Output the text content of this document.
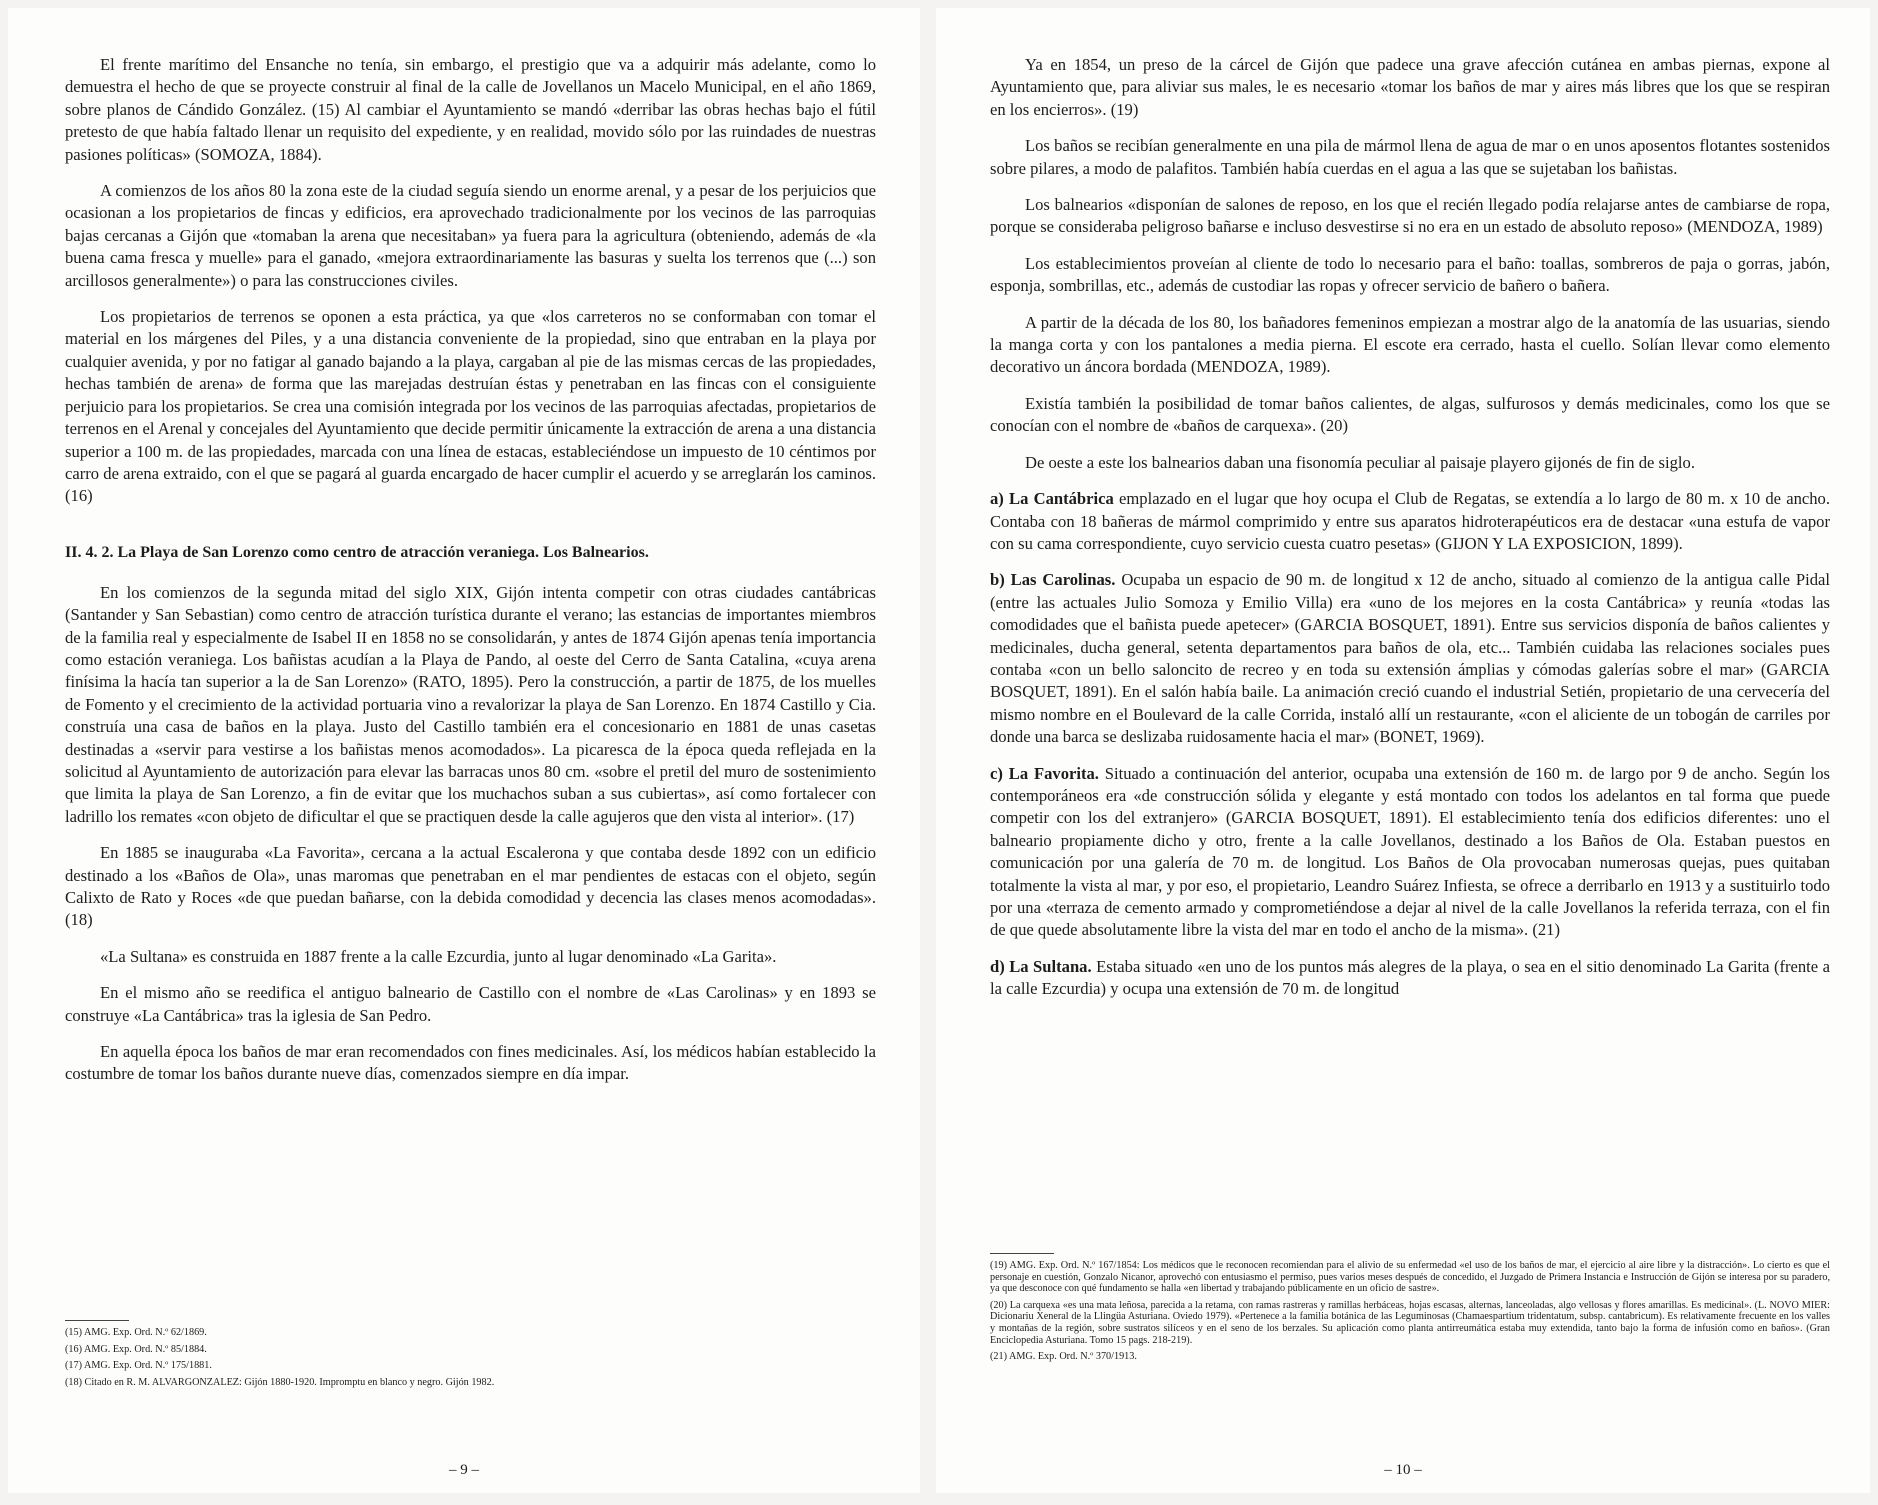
El frente marítimo del Ensanche no tenía, sin embargo, el prestigio que va a adquirir más adelante, como lo demuestra el hecho de que se proyecte construir al final de la calle de Jovellanos un Macelo Municipal, en el año 1869, sobre planos de Cándido González. (15) Al cambiar el Ayuntamiento se mandó «derribar las obras hechas bajo el fútil pretesto de que había faltado llenar un requisito del expediente, y en realidad, movido sólo por las ruindades de nuestras pasiones políticas» (SOMOZA, 1884).

A comienzos de los años 80 la zona este de la ciudad seguía siendo un enorme arenal, y a pesar de los perjuicios que ocasionan a los propietarios de fincas y edificios, era aprovechado tradicionalmente por los vecinos de las parroquias bajas cercanas a Gijón que «tomaban la arena que necesitaban» ya fuera para la agricultura (obteniendo, además de «la buena cama fresca y muelle» para el ganado, «mejora extraordinariamente las basuras y suelta los terrenos que (...) son arcillosos generalmente») o para las construcciones civiles.

Los propietarios de terrenos se oponen a esta práctica, ya que «los carreteros no se conformaban con tomar el material en los márgenes del Piles, y a una distancia conveniente de la propiedad, sino que entraban en la playa por cualquier avenida, y por no fatigar al ganado bajando a la playa, cargaban al pie de las mismas cercas de las propiedades, hechas también de arena» de forma que las marejadas destruían éstas y penetraban en las fincas con el consiguiente perjuicio para los propietarios. Se crea una comisión integrada por los vecinos de las parroquias afectadas, propietarios de terrenos en el Arenal y concejales del Ayuntamiento que decide permitir únicamente la extracción de arena a una distancia superior a 100 m. de las propiedades, marcada con una línea de estacas, estableciéndose un impuesto de 10 céntimos por carro de arena extraido, con el que se pagará al guarda encargado de hacer cumplir el acuerdo y se arreglarán los caminos. (16)

II. 4. 2. La Playa de San Lorenzo como centro de atracción veraniega. Los Balnearios.

En los comienzos de la segunda mitad del siglo XIX, Gijón intenta competir con otras ciudades cantábricas (Santander y San Sebastian) como centro de atracción turística durante el verano; las estancias de importantes miembros de la familia real y especialmente de Isabel II en 1858 no se consolidarán, y antes de 1874 Gijón apenas tenía importancia como estación veraniega. Los bañistas acudían a la Playa de Pando, al oeste del Cerro de Santa Catalina, «cuya arena finísima la hacía tan superior a la de San Lorenzo» (RATO, 1895). Pero la construcción, a partir de 1875, de los muelles de Fomento y el crecimiento de la actividad portuaria vino a revalorizar la playa de San Lorenzo. En 1874 Castillo y Cia. construía una casa de baños en la playa. Justo del Castillo también era el concesionario en 1881 de unas casetas destinadas a «servir para vestirse a los bañistas menos acomodados». La picaresca de la época queda reflejada en la solicitud al Ayuntamiento de autorización para elevar las barracas unos 80 cm. «sobre el pretil del muro de sostenimiento que limita la playa de San Lorenzo, a fin de evitar que los muchachos suban a sus cubiertas», así como fortalecer con ladrillo los remates «con objeto de dificultar el que se practiquen desde la calle agujeros que den vista al interior». (17)

En 1885 se inauguraba «La Favorita», cercana a la actual Escalerona y que contaba desde 1892 con un edificio destinado a los «Baños de Ola», unas maromas que penetraban en el mar pendientes de estacas con el objeto, según Calixto de Rato y Roces «de que puedan bañarse, con la debida comodidad y decencia las clases menos acomodadas». (18)

«La Sultana» es construida en 1887 frente a la calle Ezcurdia, junto al lugar denominado «La Garita».

En el mismo año se reedifica el antiguo balneario de Castillo con el nombre de «Las Carolinas» y en 1893 se construye «La Cantábrica» tras la iglesia de San Pedro.

En aquella época los baños de mar eran recomendados con fines medicinales. Así, los médicos habían establecido la costumbre de tomar los baños durante nueve días, comenzados siempre en día impar.

(15) AMG. Exp. Ord. N.º 62/1869.

(16) AMG. Exp. Ord. N.º 85/1884.

(17) AMG. Exp. Ord. N.º 175/1881.

(18) Citado en R. M. ALVARGONZALEZ: Gijón 1880-1920. Impromptu en blanco y negro. Gijón 1982.

– 9 –

Ya en 1854, un preso de la cárcel de Gijón que padece una grave afección cutánea en ambas piernas, expone al Ayuntamiento que, para aliviar sus males, le es necesario «tomar los baños de mar y aires más libres que los que se respiran en los encierros». (19)

Los baños se recibían generalmente en una pila de mármol llena de agua de mar o en unos aposentos flotantes sostenidos sobre pilares, a modo de palafitos. También había cuerdas en el agua a las que se sujetaban los bañistas.

Los balnearios «disponían de salones de reposo, en los que el recién llegado podía relajarse antes de cambiarse de ropa, porque se consideraba peligroso bañarse e incluso desvestirse si no era en un estado de absoluto reposo» (MENDOZA, 1989)

Los establecimientos proveían al cliente de todo lo necesario para el baño: toallas, sombreros de paja o gorras, jabón, esponja, sombrillas, etc., además de custodiar las ropas y ofrecer servicio de bañero o bañera.

A partir de la década de los 80, los bañadores femeninos empiezan a mostrar algo de la anatomía de las usuarias, siendo la manga corta y con los pantalones a media pierna. El escote era cerrado, hasta el cuello. Solían llevar como elemento decorativo un áncora bordada (MENDOZA, 1989).

Existía también la posibilidad de tomar baños calientes, de algas, sulfurosos y demás medicinales, como los que se conocían con el nombre de «baños de carquexa». (20)

De oeste a este los balnearios daban una fisonomía peculiar al paisaje playero gijonés de fin de siglo.

a) La Cantábrica emplazado en el lugar que hoy ocupa el Club de Regatas, se extendía a lo largo de 80 m. x 10 de ancho. Contaba con 18 bañeras de mármol comprimido y entre sus aparatos hidroterapéuticos era de destacar «una estufa de vapor con su cama correspondiente, cuyo servicio cuesta cuatro pesetas» (GIJON Y LA EXPOSICION, 1899).

b) Las Carolinas. Ocupaba un espacio de 90 m. de longitud x 12 de ancho, situado al comienzo de la antigua calle Pidal (entre las actuales Julio Somoza y Emilio Villa) era «uno de los mejores en la costa Cantábrica» y reunía «todas las comodidades que el bañista puede apetecer» (GARCIA BOSQUET, 1891). Entre sus servicios disponía de baños calientes y medicinales, ducha general, setenta departamentos para baños de ola, etc... También cuidaba las relaciones sociales pues contaba «con un bello saloncito de recreo y en toda su extensión ámplias y cómodas galerías sobre el mar» (GARCIA BOSQUET, 1891). En el salón había baile. La animación creció cuando el industrial Setién, propietario de una cervecería del mismo nombre en el Boulevard de la calle Corrida, instaló allí un restaurante, «con el aliciente de un tobogán de carriles por donde una barca se deslizaba ruidosamente hacia el mar» (BONET, 1969).

c) La Favorita. Situado a continuación del anterior, ocupaba una extensión de 160 m. de largo por 9 de ancho. Según los contemporáneos era «de construcción sólida y elegante y está montado con todos los adelantos en tal forma que puede competir con los del extranjero» (GARCIA BOSQUET, 1891). El establecimiento tenía dos edificios diferentes: uno el balneario propiamente dicho y otro, frente a la calle Jovellanos, destinado a los Baños de Ola. Estaban puestos en comunicación por una galería de 70 m. de longitud. Los Baños de Ola provocaban numerosas quejas, pues quitaban totalmente la vista al mar, y por eso, el propietario, Leandro Suárez Infiesta, se ofrece a derribarlo en 1913 y a sustituirlo todo por una «terraza de cemento armado y comprometiéndose a dejar al nivel de la calle Jovellanos la referida terraza, con el fin de que quede absolutamente libre la vista del mar en todo el ancho de la misma». (21)

d) La Sultana. Estaba situado «en uno de los puntos más alegres de la playa, o sea en el sitio denominado La Garita (frente a la calle Ezcurdia) y ocupa una extensión de 70 m. de longitud

(19) AMG. Exp. Ord. N.º 167/1854: Los médicos que le reconocen recomiendan para el alivio de su enfermedad «el uso de los baños de mar, el ejercicio al aire libre y la distracción». Lo cierto es que el personaje en cuestión, Gonzalo Nicanor, aprovechó con entusiasmo el permiso, pues varios meses después de concedido, el Juzgado de Primera Instancia e Instrucción de Gijón se interesa por su paradero, ya que desconoce con qué fundamento se halla «en libertad y trabajando públicamente en un oficio de sastre».

(20) La carquexa «es una mata leñosa, parecida a la retama, con ramas rastreras y ramillas herbáceas, hojas escasas, alternas, lanceoladas, algo vellosas y flores amarillas. Es medicinal». (L. NOVO MIER: Dicionariu Xeneral de la Llingüa Asturiana. Oviedo 1979). «Pertenece a la familia botánica de las Leguminosas (Chamaespartium tridentatum, subsp. cantabricum). Es relativamente frecuente en los valles y montañas de la región, sobre sustratos silíceos y en el seno de los berzales. Su aplicación como planta antirreumática estaba muy extendida, tanto bajo la forma de infusión como en baños». (Gran Enciclopedia Asturiana. Tomo 15 pags. 218-219).

(21) AMG. Exp. Ord. N.º 370/1913.

– 10 –
